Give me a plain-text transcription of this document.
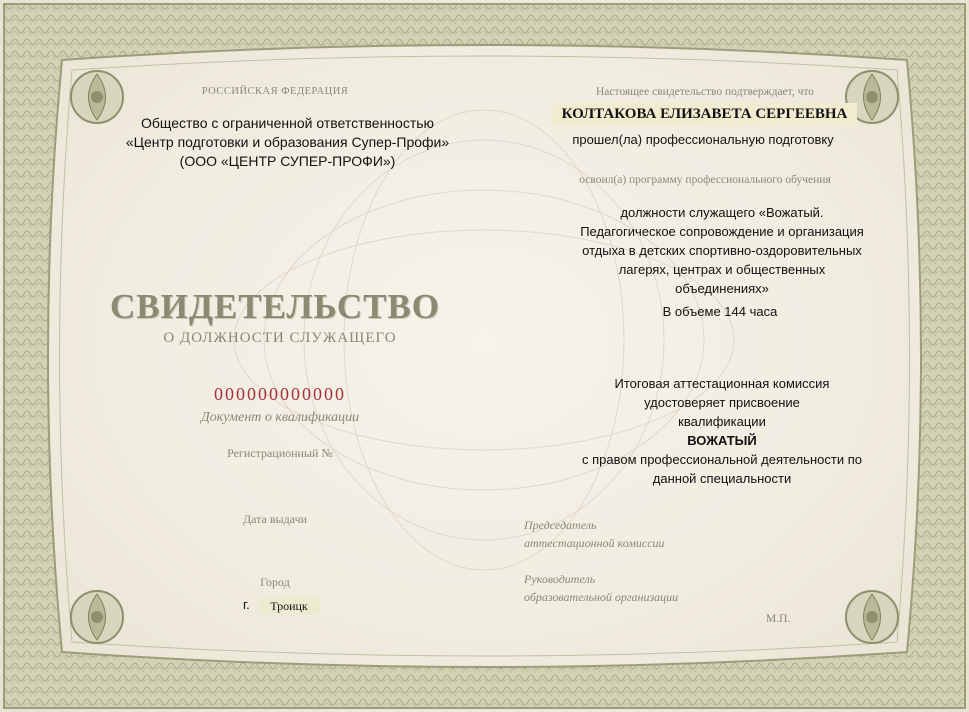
РОССИЙСКАЯ ФЕДЕРАЦИЯ
Общество с ограниченной ответственностью
«Центр подготовки и образования Супер-Профи»
(ООО «ЦЕНТР СУПЕР-ПРОФИ»)
СВИДЕТЕЛЬСТВО
О ДОЛЖНОСТИ СЛУЖАЩЕГО
000000000000
Документ о квалификации
Регистрационный №
Дата выдачи
Город
г.	Троицк
Настоящее свидетельство подтверждает, что
КОЛТАКОВА ЕЛИЗАВЕТА СЕРГЕЕВНА
прошел(ла) профессиональную подготовку
освоил(а) программу профессионального обучения
должности служащего «Вожатый.
Педагогическое сопровождение и организация
отдыха в детских спортивно-оздоровительных
лагерях, центрах и общественных
объединениях»
В объеме 144 часа
Итоговая аттестационная комиссия
удостоверяет присвоение
квалификации
ВОЖАТЫЙ
с правом профессиональной деятельности по
данной специальности
Председатель
аттестационной комиссии
Руководитель
образовательной организации
М.П.
